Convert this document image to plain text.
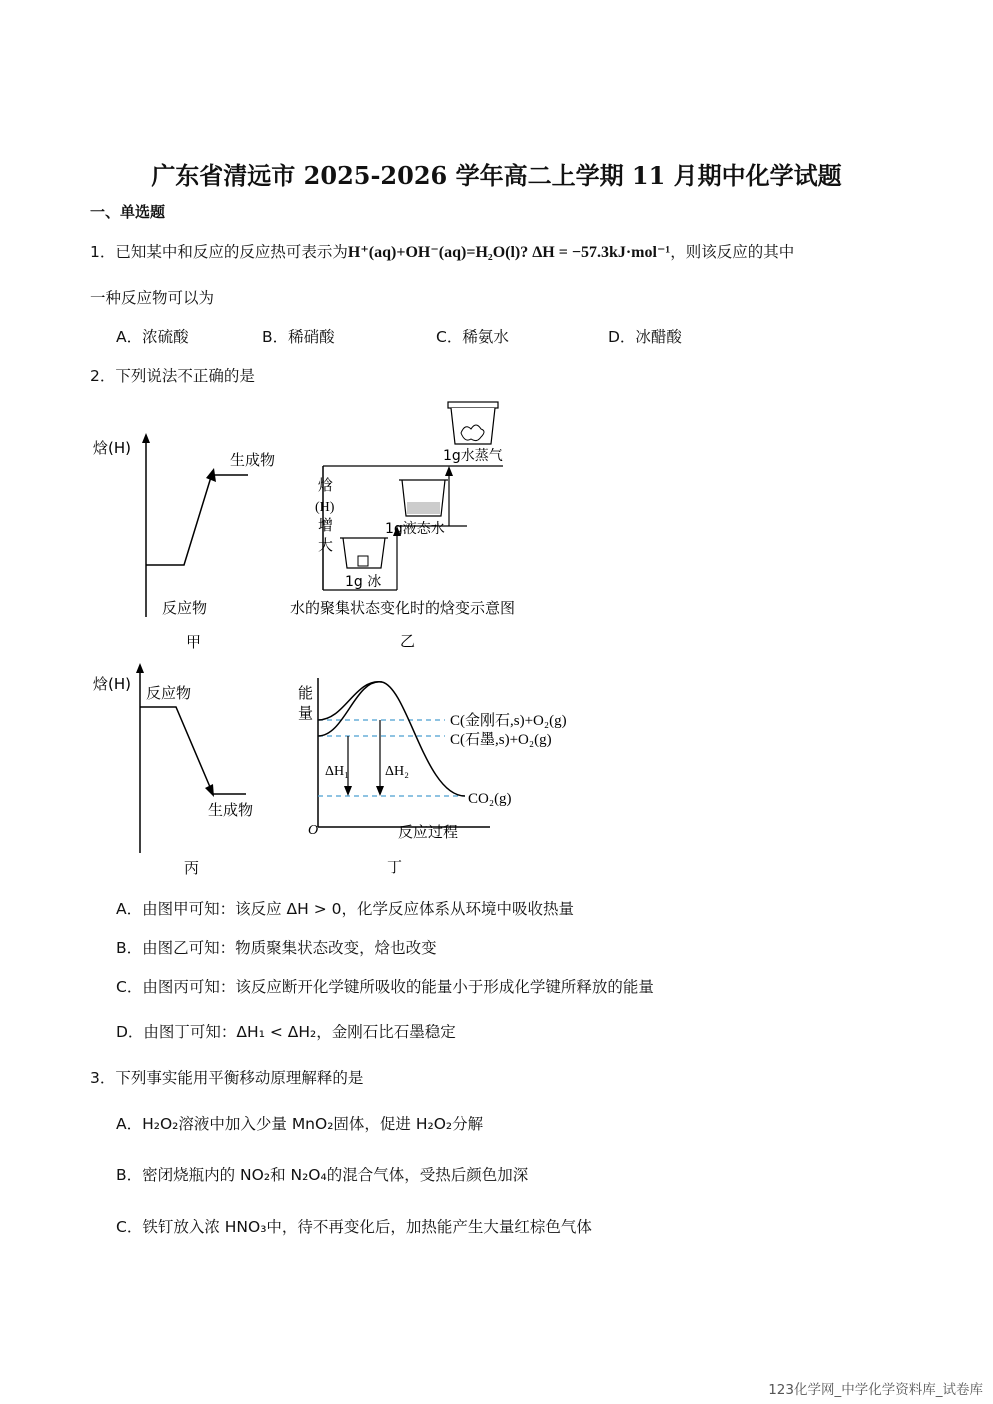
广东省清远市 2025-2026 学年高二上学期 11 月期中化学试题
一、单选题
1．已知某中和反应的反应热可表示为H⁺(aq)+OH⁻(aq)=H₂O(l)? ΔH = −57.3kJ·mol⁻¹，则该反应的其中
一种反应物可以为
A．浓硫酸	B．稀硝酸	C．稀氨水	D．冰醋酸
2．下列说法不正确的是
焓(H)
生成物
反应物
甲
焓
(H)
增
大
1g 冰
1g液态水
1g水蒸气
水的聚集状态变化时的焓变示意图
乙
焓(H) 反应物
生成物
丙
能
量
ΔH₁	ΔH₂
C(金刚石,s)+O₂(g)
C(石墨,s)+O₂(g)
CO₂(g)
O	反应过程
丁
A．由图甲可知：该反应 ΔH > 0，化学反应体系从环境中吸收热量
B．由图乙可知：物质聚集状态改变，焓也改变
C．由图丙可知：该反应断开化学键所吸收的能量小于形成化学键所释放的能量
D．由图丁可知：ΔH₁ < ΔH₂，金刚石比石墨稳定
3．下列事实能用平衡移动原理解释的是
A．H₂O₂溶液中加入少量 MnO₂固体，促进 H₂O₂分解
B．密闭烧瓶内的 NO₂和 N₂O₄的混合气体，受热后颜色加深
C．铁钉放入浓 HNO₃中，待不再变化后，加热能产生大量红棕色气体
123化学网_中学化学资料库_试卷库
